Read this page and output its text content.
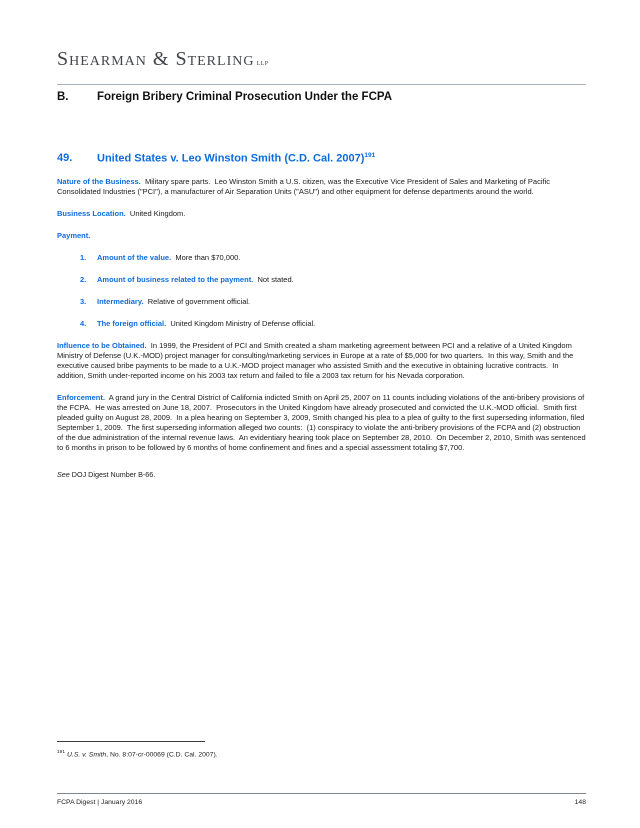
Shearman & Sterling llp
B.	Foreign Bribery Criminal Prosecution Under the FCPA
49.	United States v. Leo Winston Smith (C.D. Cal. 2007)$^{191}$

Nature of the Business.  Military spare parts.  Leo Winston Smith a U.S. citizen, was the Executive Vice President of Sales and Marketing of Pacific Consolidated Industries ("PCI"), a manufacturer of Air Separation Units ("ASU") and other equipment for defense departments around the world.

Business Location.  United Kingdom.

Payment.

1.	Amount of the value.  More than $70,000.
2.	Amount of business related to the payment.  Not stated.
3.	Intermediary.  Relative of government official.
4.	The foreign official.  United Kingdom Ministry of Defense official.

Influence to be Obtained.  In 1999, the President of PCI and Smith created a sham marketing agreement between PCI and a relative of a United Kingdom Ministry of Defense (U.K.-MOD) project manager for consulting/marketing services in Europe at a rate of $5,000 for two quarters.  In this way, Smith and the executive caused bribe payments to be made to a U.K.-MOD project manager who assisted Smith and the executive in obtaining lucrative contracts.  In addition, Smith under-reported income on his 2003 tax return and failed to file a 2003 tax return for his Nevada corporation.

Enforcement.  A grand jury in the Central District of California indicted Smith on April 25, 2007 on 11 counts including violations of the anti-bribery provisions of the FCPA.  He was arrested on June 18, 2007.  Prosecutors in the United Kingdom have already prosecuted and convicted the U.K.-MOD official.  Smith first pleaded guilty on August 28, 2009.  In a plea hearing on September 3, 2009, Smith changed his plea to a plea of guilty to the first superseding information, filed September 1, 2009.  The first superseding information alleged two counts:  (1) conspiracy to violate the anti-bribery provisions of the FCPA and (2) obstruction of the due administration of the internal revenue laws.  An evidentiary hearing took place on September 28, 2010.  On December 2, 2010, Smith was sentenced to 6 months in prison to be followed by 6 months of home confinement and fines and a special assessment totaling $7,700.

See DOJ Digest Number B-66.

$^{191}$ U.S. v. Smith, No. 8:07-cr-00069 (C.D. Cal. 2007).

FCPA Digest | January 2016	148
